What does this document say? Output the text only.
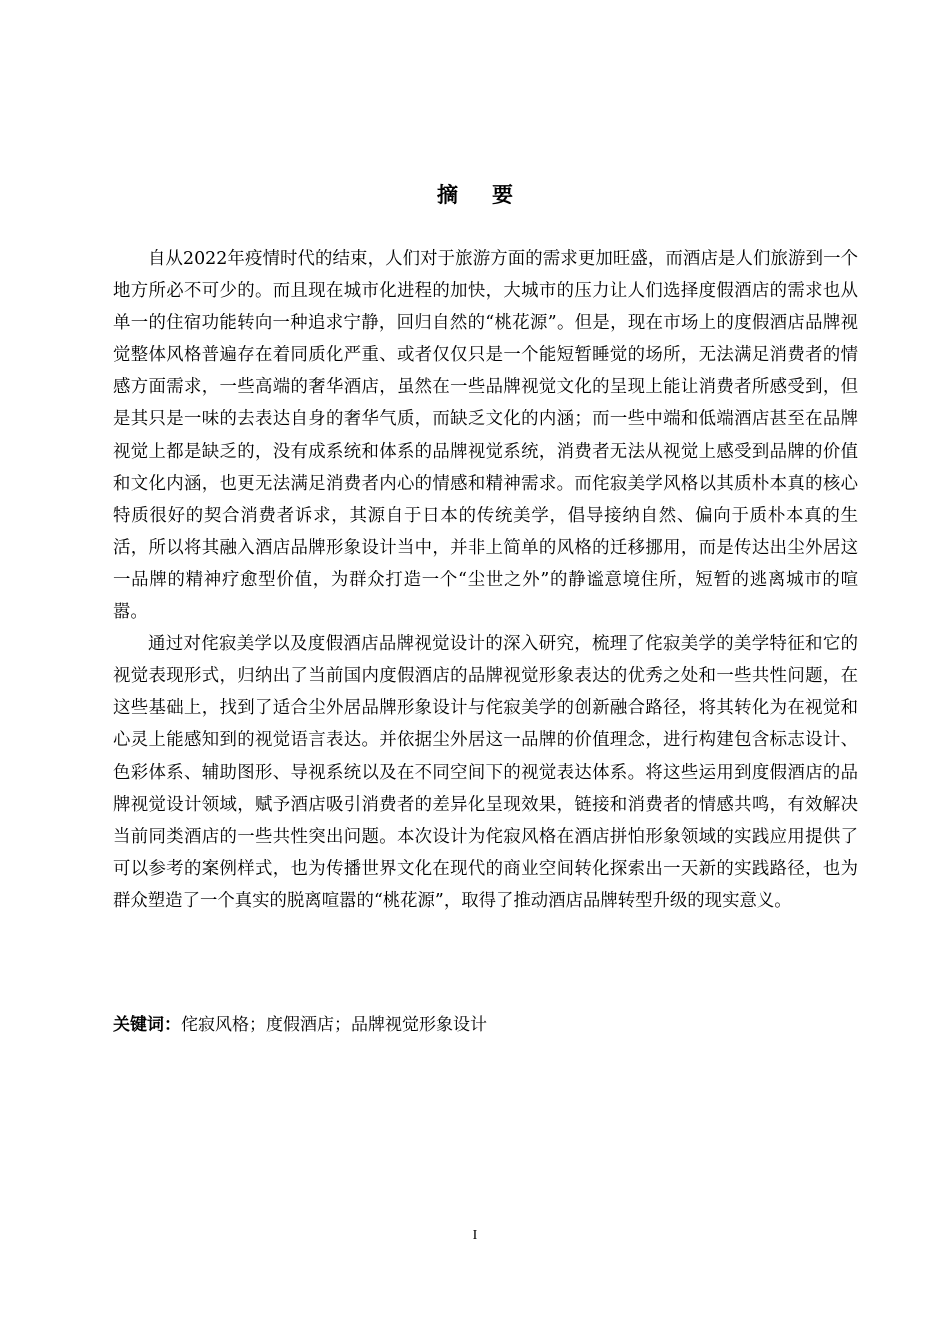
摘要

自从2022年疫情时代的结束，人们对于旅游方面的需求更加旺盛，而酒店是人们旅游到一个地方所必不可少的。而且现在城市化进程的加快，大城市的压力让人们选择度假酒店的需求也从单一的住宿功能转向一种追求宁静，回归自然的“桃花源”。但是，现在市场上的度假酒店品牌视觉整体风格普遍存在着同质化严重、或者仅仅只是一个能短暂睡觉的场所，无法满足消费者的情感方面需求，一些高端的奢华酒店，虽然在一些品牌视觉文化的呈现上能让消费者所感受到，但是其只是一味的去表达自身的奢华气质，而缺乏文化的内涵；而一些中端和低端酒店甚至在品牌视觉上都是缺乏的，没有成系统和体系的品牌视觉系统，消费者无法从视觉上感受到品牌的价值和文化内涵，也更无法满足消费者内心的情感和精神需求。而侘寂美学风格以其质朴本真的核心特质很好的契合消费者诉求，其源自于日本的传统美学，倡导接纳自然、偏向于质朴本真的生活，所以将其融入酒店品牌形象设计当中，并非上简单的风格的迁移挪用，而是传达出尘外居这一品牌的精神疗愈型价值，为群众打造一个“尘世之外”的静谧意境住所，短暂的逃离城市的喧嚣。

通过对侘寂美学以及度假酒店品牌视觉设计的深入研究，梳理了侘寂美学的美学特征和它的视觉表现形式，归纳出了当前国内度假酒店的品牌视觉形象表达的优秀之处和一些共性问题，在这些基础上，找到了适合尘外居品牌形象设计与侘寂美学的创新融合路径，将其转化为在视觉和心灵上能感知到的视觉语言表达。并依据尘外居这一品牌的价值理念，进行构建包含标志设计、色彩体系、辅助图形、导视系统以及在不同空间下的视觉表达体系。将这些运用到度假酒店的品牌视觉设计领域，赋予酒店吸引消费者的差异化呈现效果，链接和消费者的情感共鸣，有效解决当前同类酒店的一些共性突出问题。本次设计为侘寂风格在酒店拼怕形象领域的实践应用提供了可以参考的案例样式，也为传播世界文化在现代的商业空间转化探索出一天新的实践路径，也为群众塑造了一个真实的脱离喧嚣的“桃花源”，取得了推动酒店品牌转型升级的现实意义。

关键词：侘寂风格；度假酒店；品牌视觉形象设计
I
